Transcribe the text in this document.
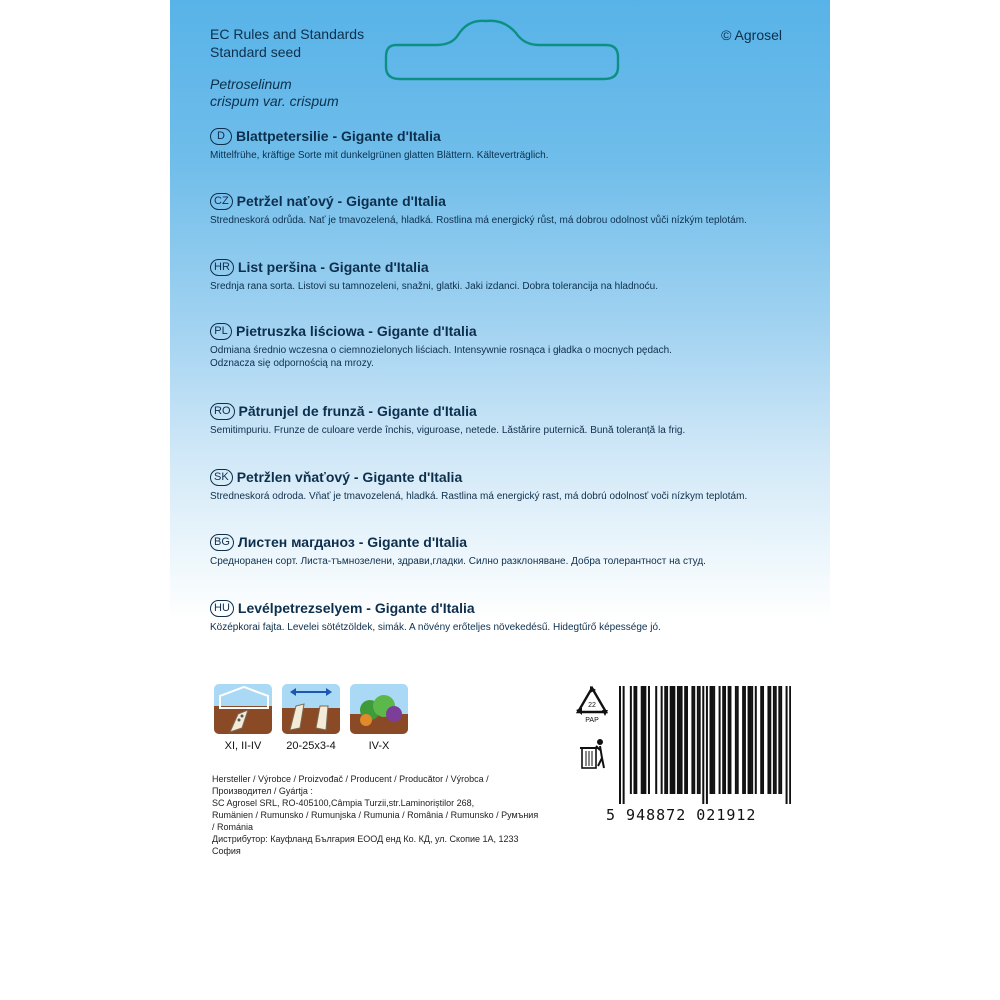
EC Rules and Standards
Standard seed
Petroselinum
crispum var. crispum
© Agrosel
D Blattpetersilie - Gigante d'Italia
Mittelfrühe, kräftige Sorte mit dunkelgrünen glatten Blättern. Kälteverträglich.
CZ Petržel naťový - Gigante d'Italia
Stredneskorá odrůda. Nať je tmavozelená, hladká. Rostlina má energický růst, má dobrou odolnost vůči nízkým teplotám.
HR List peršina - Gigante d'Italia
Srednja rana sorta. Listovi su tamnozeleni, snažni, glatki. Jaki izdanci. Dobra tolerancija na hladnoću.
PL Pietruszka liściowa - Gigante d'Italia
Odmiana średnio wczesna o ciemnozielonych liściach. Intensywnie rosnąca i gładka o mocnych pędach.
Odznacza się odpornością na mrozy.
RO Pătrunjel de frunză - Gigante d'Italia
Semitimpuriu. Frunze de culoare verde închis, viguroase, netede. Lăstărire puternică. Bună toleranță la frig.
SK Petržlen vňaťový - Gigante d'Italia
Stredneskorá odroda. Vňať je tmavozelená, hladká. Rastlina má energický rast, má dobrú odolnosť voči nízkym teplotám.
BG Листен магданоз - Gigante d'Italia
Средноранен сорт. Листа-тъмнозелени, здрави,гладки. Силно разклоняване. Добра толерантност на студ.
HU Levélpetrezselyem - Gigante d'Italia
Középkorai fajta. Levelei sötétzöldek, simák. A növény erőteljes növekedésű. Hidegtűrő képessége jó.
XI, II-IV	20-25x3-4	IV-X
Hersteller / Výrobce / Proizvođač / Producent / Producător / Výrobca / Производител / Gyártja :
SC Agrosel SRL, RO-405100,Câmpia Turzii,str.Laminoriștilor 268,
Rumänien / Rumunsko / Rumunjska / Rumunia / România / Rumunsko / Румъния / Románia
Дистрибутор: Кауфланд България ЕООД енд Ко. КД, ул. Скопие 1А, 1233 София
22
PAP
5 948872 021912
